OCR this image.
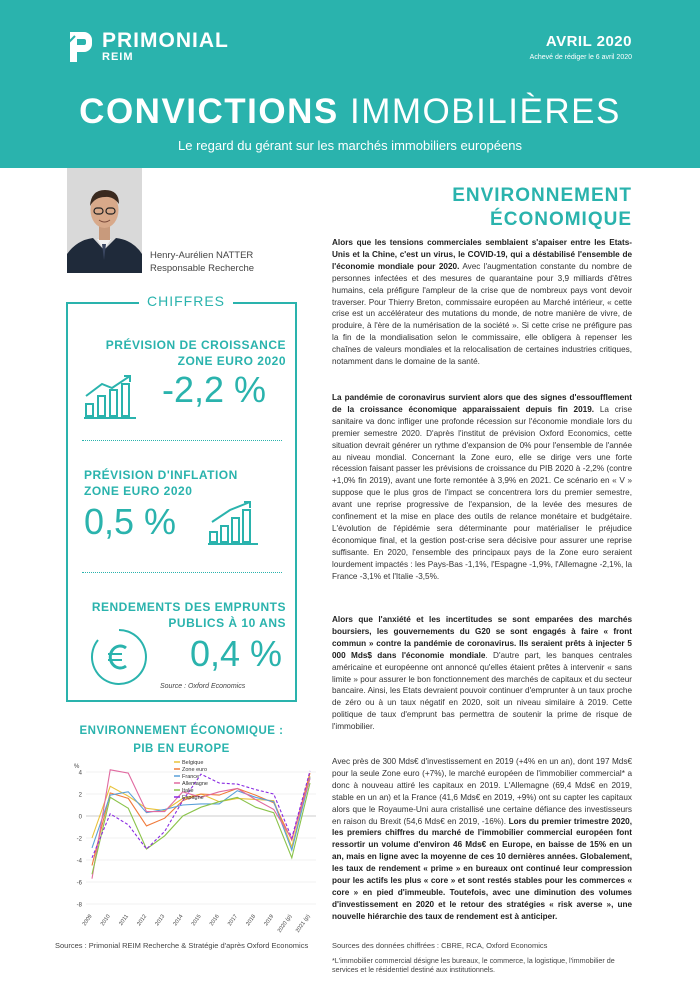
PRIMONIAL
REIM
AVRIL 2020
Achevé de rédiger le 6 avril 2020
CONVICTIONS IMMOBILIÈRES
Le regard du gérant sur les marchés immobiliers européens
Henry-Aurélien NATTER
Responsable Recherche
CHIFFRES
PRÉVISION DE CROISSANCE
ZONE EURO 2020
-2,2 %
PRÉVISION D'INFLATION
ZONE EURO 2020
0,5 %
RENDEMENTS DES EMPRUNTS
PUBLICS À 10 ANS
0,4 %
Source : Oxford Economics
ENVIRONNEMENT ÉCONOMIQUE :
PIB EN EUROPE
4
2
0
-2
-4
-6
-8
%
2009 2010 2011 2012 2013 2014 2015 2016 2017 2018 2019 2020 (p) 2021 (p)
Belgique
Zone euro
France
Allemagne
Italie
Espagne
Sources : Primonial REIM Recherche & Stratégie d'après Oxford Economics
ENVIRONNEMENT
ÉCONOMIQUE
Alors que les tensions commerciales semblaient s'apaiser entre les Etats-Unis et la Chine, c'est un virus, le COVID-19, qui a déstabilisé l'ensemble de l'économie mondiale pour 2020. Avec l'augmentation constante du nombre de personnes infectées et des mesures de quarantaine pour 3,9 milliards d'êtres humains, cela préfigure l'ampleur de la crise que de nombreux pays vont devoir traverser. Pour Thierry Breton, commissaire européen au Marché intérieur, « cette crise est un accélérateur des mutations du monde, de notre manière de vivre, de produire, à l'ère de la numérisation de la société ». Si cette crise ne préfigure pas la fin de la mondialisation selon le commissaire, elle obligera à repenser les chaînes de valeurs mondiales et la relocalisation de certaines industries critiques, notamment dans le domaine de la santé.
La pandémie de coronavirus survient alors que des signes d'essoufflement de la croissance économique apparaissaient depuis fin 2019. La crise sanitaire va donc infliger une profonde récession sur l'économie mondiale lors du premier semestre 2020. D'après l'institut de prévision Oxford Economics, cette situation devrait générer un rythme d'expansion de 0% pour l'ensemble de l'année au niveau mondial. Concernant la Zone euro, elle se dirige vers une forte récession faisant passer les prévisions de croissance du PIB 2020 à -2,2% (contre +1,0% fin 2019), avant une forte remontée à 3,9% en 2021. Ce scénario en « V » suppose que le plus gros de l'impact se concentrera lors du premier semestre, avant une reprise progressive de l'expansion, de la levée des mesures de confinement et la mise en place des outils de relance monétaire et budgétaire. L'évolution de l'épidémie sera déterminante pour matérialiser le préjudice économique final, et la gestion post-crise sera décisive pour assurer une reprise suffisante. En 2020, l'ensemble des principaux pays de la Zone euro seraient lourdement impactés : les Pays-Bas -1,1%, l'Espagne -1,9%, l'Allemagne -2,1%, la France -3,1% et l'Italie -3,5%.
Alors que l'anxiété et les incertitudes se sont emparées des marchés boursiers, les gouvernements du G20 se sont engagés à faire « front commun » contre la pandémie de coronavirus. Ils seraient prêts à injecter 5 000 Mds$ dans l'économie mondiale. D'autre part, les banques centrales américaine et européenne ont annoncé qu'elles étaient prêtes à intervenir « sans limite » pour assurer le bon fonctionnement des marchés de capitaux et du secteur bancaire. Ainsi, les Etats devraient pouvoir continuer d'emprunter à un taux proche de zéro ou à un taux négatif en 2020, soit un niveau similaire à 2019. Cette politique de taux d'emprunt bas permettra de soutenir la prime de risque de l'immobilier.
Avec près de 300 Mds€ d'investissement en 2019 (+4% en un an), dont 197 Mds€ pour la seule Zone euro (+7%), le marché européen de l'immobilier commercial* a donc à nouveau attiré les capitaux en 2019. L'Allemagne (69,4 Mds€ en 2019, stable en un an) et la France (41,6 Mds€ en 2019, +9%) ont su capter les capitaux alors que le Royaume-Uni aura cristallisé une certaine défiance des investisseurs en raison du Brexit (54,6 Mds€ en 2019, -16%). Lors du premier trimestre 2020, les premiers chiffres du marché de l'immobilier commercial européen font ressortir un volume d'environ 46 Mds€ en Europe, en baisse de 15% en un an, mais en ligne avec la moyenne de ces 10 dernières années. Globalement, les taux de rendement « prime » en bureaux ont continué leur compression pour les actifs les plus « core » et sont restés stables pour les commerces « core » en pied d'immeuble. Toutefois, avec une diminution des volumes d'investissement en 2020 et le retour des stratégies « risk averse », une nouvelle hiérarchie des taux de rendement est à anticiper.
Sources des données chiffrées : CBRE, RCA, Oxford Economics
*L'immobilier commercial désigne les bureaux, le commerce, la logistique, l'immobilier de services et le résidentiel destiné aux institutionnels.
